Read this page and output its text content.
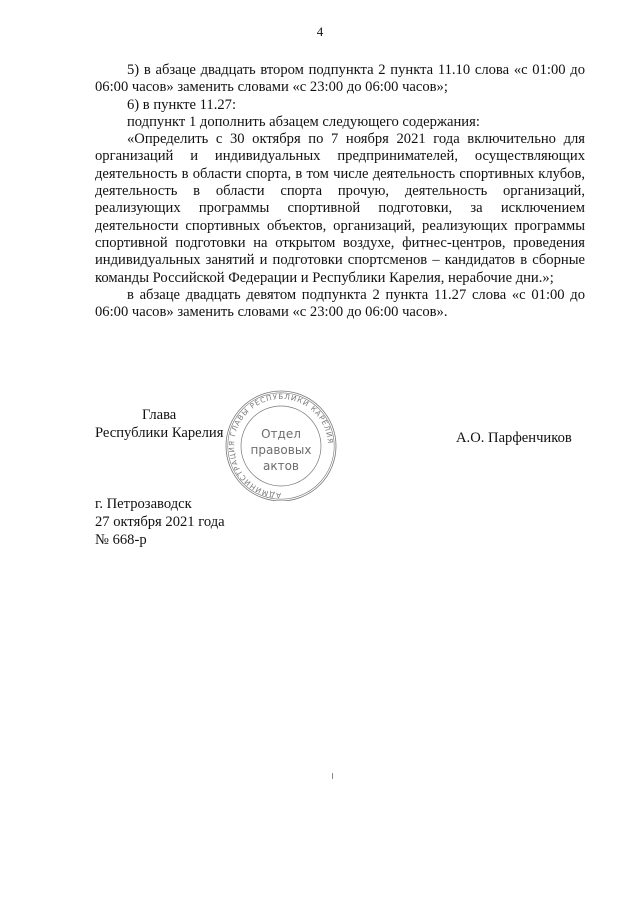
4

5) в абзаце двадцать втором подпункта 2 пункта 11.10 слова «с 01:00 до 06:00 часов» заменить словами «с 23:00 до 06:00 часов»;

6) в пункте 11.27:

подпункт 1 дополнить абзацем следующего содержания:

«Определить с 30 октября по 7 ноября 2021 года включительно для организаций и индивидуальных предпринимателей, осуществляющих деятельность в области спорта, в том числе деятельность спортивных клубов, деятельность в области спорта прочую, деятельность организаций, реализующих программы спортивной подготовки, за исключением деятельности спортивных объектов, организаций, реализующих программы спортивной подготовки на открытом воздухе, фитнес-центров, проведения индивидуальных занятий и подготовки спортсменов – кандидатов в сборные команды Российской Федерации и Республики Карелия, нерабочие дни.»;

в абзаце двадцать девятом подпункта 2 пункта 11.27 слова «с 01:00 до 06:00 часов» заменить словами «с 23:00 до 06:00 часов».

Глава
Республики Карелия	А.О. Парфенчиков
АДМИНИСТРАЦИЯ ГЛАВЫ РЕСПУБЛИКИ КАРЕЛИЯ
Отдел
правовых
актов
г. Петрозаводск
27 октября 2021 года
№ 668-р
